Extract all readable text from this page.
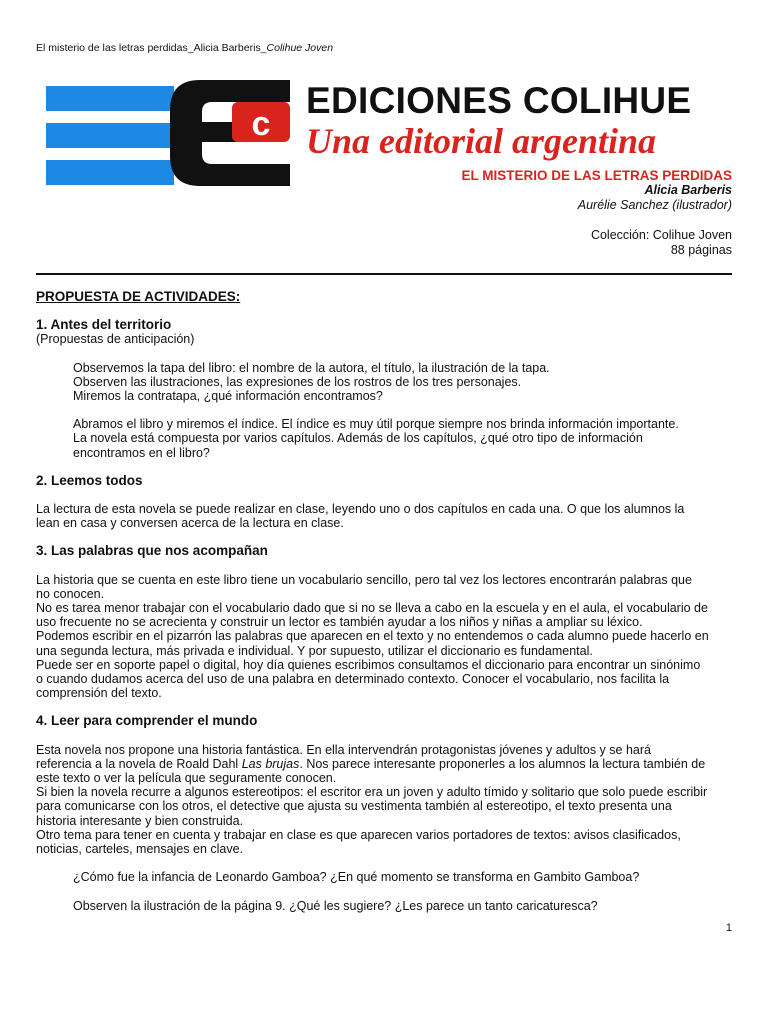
El misterio de las letras perdidas_Alicia Barberis_Colihue Joven
c
EDICIONES COLIHUE
Una editorial argentina
EL MISTERIO DE LAS LETRAS PERDIDAS
Alicia Barberis
Aurélie Sanchez (ilustrador)
Colección: Colihue Joven
88 páginas

PROPUESTA DE ACTIVIDADES:

1. Antes del territorio

(Propuestas de anticipación)

Observemos la tapa del libro: el nombre de la autora, el título, la ilustración de la tapa.

Observen las ilustraciones, las expresiones de los rostros de los tres personajes.

Miremos la contratapa, ¿qué información encontramos?

Abramos el libro y miremos el índice. El índice es muy útil porque siempre nos brinda información importante.

La novela está compuesta por varios capítulos. Además de los capítulos, ¿qué otro tipo de información

encontramos en el libro?

2. Leemos todos

La lectura de esta novela se puede realizar en clase, leyendo uno o dos capítulos en cada una. O que los alumnos la

lean en casa y conversen acerca de la lectura en clase.

3. Las palabras que nos acompañan

La historia que se cuenta en este libro tiene un vocabulario sencillo, pero tal vez los lectores encontrarán palabras que

no conocen.

No es tarea menor trabajar con el vocabulario dado que si no se lleva a cabo en la escuela y en el aula, el vocabulario de

uso frecuente no se acrecienta y construir un lector es también ayudar a los niños y niñas a ampliar su léxico.

Podemos escribir en el pizarrón las palabras que aparecen en el texto y no entendemos o cada alumno puede hacerlo en

una segunda lectura, más privada e individual. Y por supuesto, utilizar el diccionario es fundamental.

Puede ser en soporte papel o digital, hoy día quienes escribimos consultamos el diccionario para encontrar un sinónimo

o cuando dudamos acerca del uso de una palabra en determinado contexto. Conocer el vocabulario, nos facilita la

comprensión del texto.

4. Leer para comprender el mundo

Esta novela nos propone una historia fantástica. En ella intervendrán protagonistas jóvenes y adultos y se hará

referencia a la novela de Roald Dahl Las brujas. Nos parece interesante proponerles a los alumnos la lectura también de

este texto o ver la película que seguramente conocen.

Si bien la novela recurre a algunos estereotipos: el escritor era un joven y adulto tímido y solitario que solo puede escribir

para comunicarse con los otros, el detective que ajusta su vestimenta también al estereotipo, el texto presenta una

historia interesante y bien construida.

Otro tema para tener en cuenta y trabajar en clase es que aparecen varios portadores de textos: avisos clasificados,

noticias, carteles, mensajes en clave.

¿Cómo fue la infancia de Leonardo Gamboa? ¿En qué momento se transforma en Gambito Gamboa?

Observen la ilustración de la página 9. ¿Qué les sugiere? ¿Les parece un tanto caricaturesca?

1
